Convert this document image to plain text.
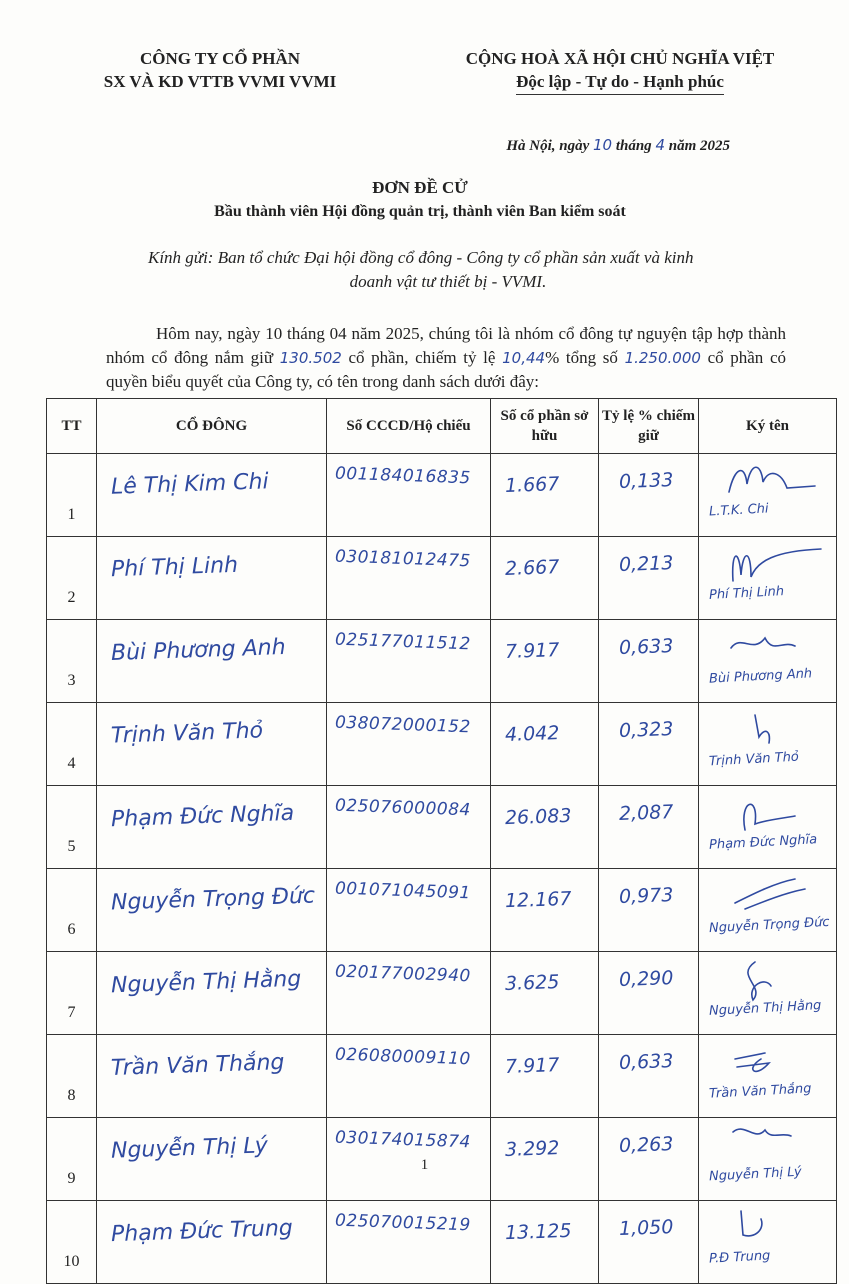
CÔNG TY CỔ PHẦN
SX VÀ KD VTTB VVMI VVMI
CỘNG HOÀ XÃ HỘI CHỦ NGHĨA VIỆT
Độc lập - Tự do - Hạnh phúc
Hà Nội, ngày 10 tháng 4 năm 2025
ĐƠN ĐỀ CỬ
Bầu thành viên Hội đồng quản trị, thành viên Ban kiểm soát
Kính gửi: Ban tổ chức Đại hội đồng cổ đông - Công ty cổ phần sản xuất và kinh
doanh vật tư thiết bị - VVMI.
Hôm nay, ngày 10 tháng 04 năm 2025, chúng tôi là nhóm cổ đông tự nguyện tập hợp thành nhóm cổ đông nắm giữ 130.502 cổ phần, chiếm tỷ lệ 10,44% tổng số 1.250.000 cổ phần có quyền biểu quyết của Công ty, có tên trong danh sách dưới đây:
TT	CỔ ĐÔNG	Số CCCD/Hộ chiếu	Số cổ phần sở hữu	Tỷ lệ % chiếm giữ	Ký tên
1	Lê Thị Kim Chi	001184016835	1.667	0,133	L.T.K. Chi

2	Phí Thị Linh	030181012475	2.667	0,213	Phí Thị Linh

3	Bùi Phương Anh	025177011512	7.917	0,633	Bùi Phương Anh

4	Trịnh Văn Thỏ	038072000152	4.042	0,323	Trịnh Văn Thỏ

5	Phạm Đức Nghĩa	025076000084	26.083	2,087	Phạm Đức Nghĩa

6	Nguyễn Trọng Đức	001071045091	12.167	0,973	Nguyễn Trọng Đức

7	Nguyễn Thị Hằng	020177002940	3.625	0,290	Nguyễn Thị Hằng

8	Trần Văn Thắng	026080009110	7.917	0,633	Trần Văn Thắng

9	Nguyễn Thị Lý	030174015874	3.292	0,263	Nguyễn Thị Lý

10	Phạm Đức Trung	025070015219	13.125	1,050	P.Đ Trung
1
